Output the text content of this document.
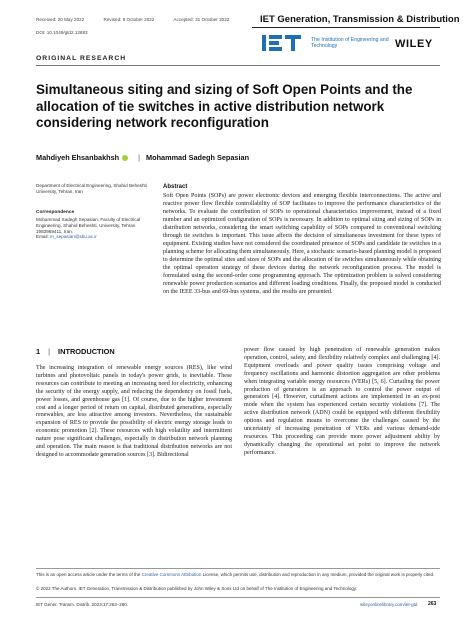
Received: 20 May 2022	Revised: 8 October 2022	Accepted: 31 October 2022
DOI: 10.1049/gtd2.12683
IET Generation, Transmission & Distribution
The Institution of Engineering and Technology	WILEY
ORIGINAL RESEARCH
Simultaneous siting and sizing of Soft Open Points and the allocation of tie switches in active distribution network considering network reconfiguration
Mahdiyeh Ehsanbakhsh	| Mohammad Sadegh Sepasian
Department of Electrical Engineering, Shahid Beheshti University, Tehran, Iran
Correspondence
Mohammad Sadegh Sepasian, Faculty of Electrical Engineering, Shahid Beheshti, University, Tehran 1983969411, Iran.
Email: m_sepasian@sbu.ac.ir
Abstract

Soft Open Points (SOPs) are power electronic devices and emerging flexible interconnections. The active and reactive power flow flexible controllability of SOP facilitates to improve the performance characteristics of the networks. To evaluate the contribution of SOPs to operational characteristics improvement, instead of a fixed number and an optimized configuration of SOPs is necessary. In addition to optimal siting and sizing of SOPs in distribution networks, considering the smart switching capability of SOPs compared to conventional switching through tie switches is important. This issue affects the decision of simultaneous investment for these types of equipment. Existing studies have not considered the coordinated presence of SOPs and candidate tie switches in a planning scheme for allocating them simultaneously. Here, a stochastic scenario-based planning model is proposed to determine the optimal sites and sizes of SOPs and the allocation of tie switches simultaneously while obtaining the optimal operation strategy of these devices during the network reconfiguration process. The model is formulated using the second-order cone programming approach. The optimization problem is solved considering renewable power production scenarios and different loading conditions. Finally, the proposed model is conducted on the IEEE 33-bus and 69-bus systems, and the results are presented.

1 | INTRODUCTION

The increasing integration of renewable energy sources (RES), like wind turbines and photovoltaic panels in today's power grids, is inevitable. These resources can contribute to meeting an increasing need for electricity, enhancing the security of the energy supply, and reducing the dependency on fossil fuels, power losses, and greenhouse gas [1]. Of course, due to the higher investment cost and a longer period of return on capital, distributed generations, especially renewables, are less attractive among investors. Nevertheless, the sustainable expansion of RES to provide the possibility of electric energy storage leads to economic promotion [2]. These resources with high volatility and intermittent nature pose significant challenges, especially in distribution network planning and operation. The main reason is that traditional distribution networks are not designed to accommodate generation sources [3]. Bidirectional

power flow caused by high penetration of renewable generation makes operation, control, safety, and flexibility relatively complex and challenging [4]. Equipment overloads and power quality issues comprising voltage and frequency oscillations and harmonic distortion aggregation are other problems when integrating variable energy resources (VERs) [5, 6]. Curtailing the power production of generators is an approach to control the power output of generators [4]. However, curtailment actions are implemented in an ex-post mode when the system has experienced certain security violations [7]. The active distribution network (ADN) could be equipped with different flexibility options and regulation means to overcome the challenges caused by the uncertainty of increasing penetration of VERs and various demand-side resources. This proceeding can provide more power adjustment ability by dynamically changing the operational set point to improve the network performance.

This is an open access article under the terms of the Creative Commons Attribution License, which permits use, distribution and reproduction in any medium, provided the original work is properly cited.
© 2022 The Authors. IET Generation, Transmission & Distribution published by John Wiley & Sons Ltd on behalf of The Institution of Engineering and Technology.
IET Gener. Transm. Distrib. 2023;17:263–280.	wileyonlinelibrary.com/iet-gtd 263
